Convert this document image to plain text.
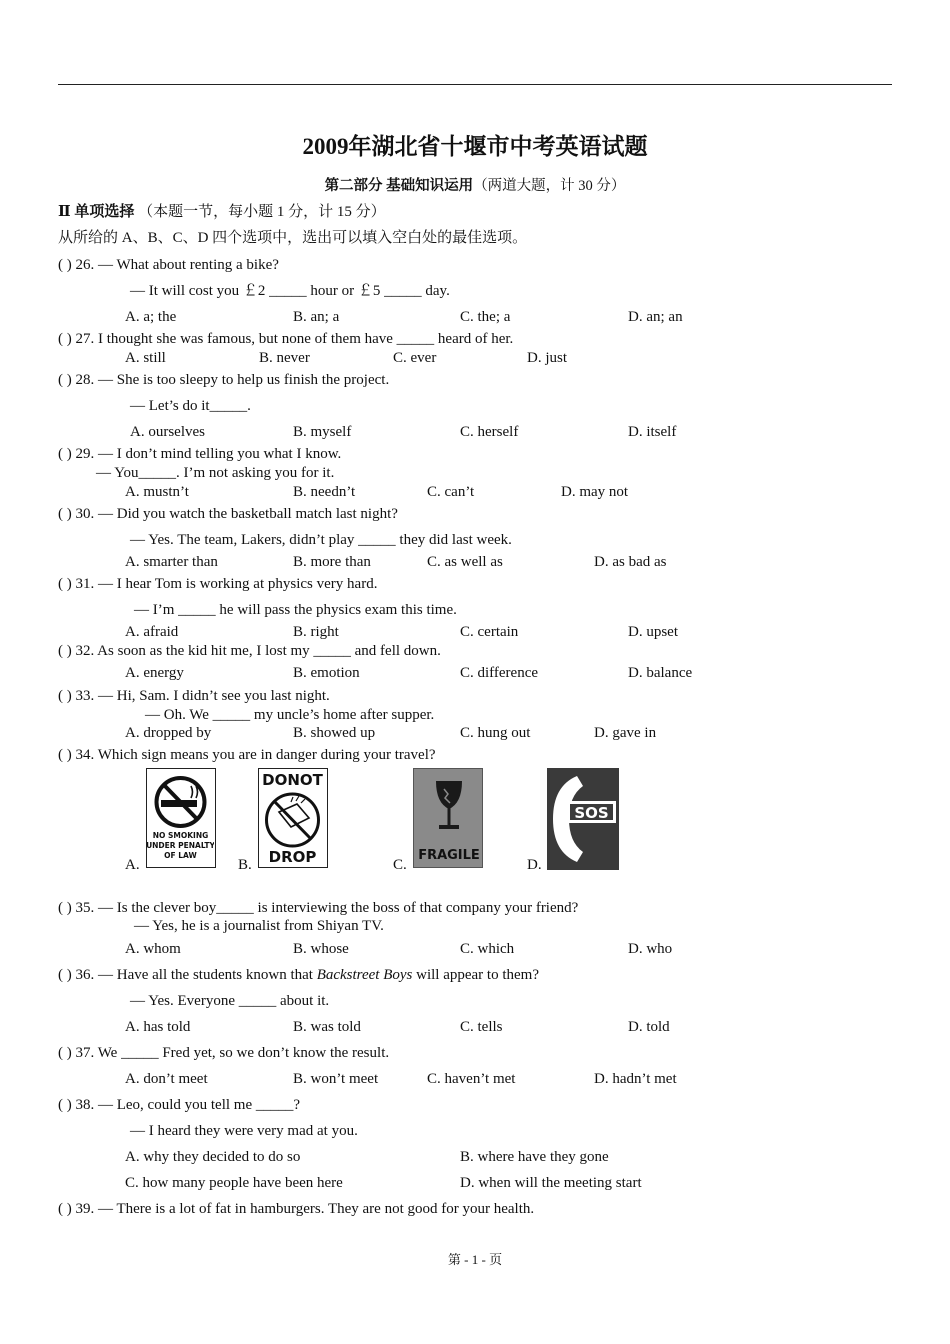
2009年湖北省十堰市中考英语试题
第二部分 基础知识运用（两道大题，计 30 分）
Ⅱ 单项选择 （本题一节，每小题 1 分，计 15 分）
从所给的 A、B、C、D 四个选项中，选出可以填入空白处的最佳选项。
( ) 26. — What about renting a bike?
— It will cost you ￡2 _____ hour or ￡5 _____ day.
A. a; the	B. an; a	C. the; a	D. an; an
( ) 27. I thought she was famous, but none of them have _____ heard of her.
A. still	B. never	C. ever	D. just
( ) 28. — She is too sleepy to help us finish the project.
— Let’s do it_____.
A. ourselves	B. myself	C. herself	D. itself
( ) 29. — I don’t mind telling you what I know.
— You_____. I’m not asking you for it.
A. mustn’t	B. needn’t	C. can’t	D. may not
( ) 30. — Did you watch the basketball match last night?
— Yes. The team, Lakers, didn’t play _____ they did last week.
A. smarter than	B. more than	C. as well as	D. as bad as
( ) 31. — I hear Tom is working at physics very hard.
— I’m _____ he will pass the physics exam this time.
A. afraid	B. right	C. certain	D. upset
( ) 32. As soon as the kid hit me, I lost my _____ and fell down.
A. energy	B. emotion	C. difference	D. balance
( ) 33. — Hi, Sam. I didn’t see you last night.
— Oh. We _____ my uncle’s home after supper.
A. dropped by	B. showed up	C. hung out	D. gave in
( ) 34. Which sign means you are in danger during your travel?
A.
NO SMOKING
UNDER PENALTY
OF LAW
B.
DONOT
DROP	C.
FRAGILE
D.
SOS
( ) 35. — Is the clever boy_____ is interviewing the boss of that company your friend?
— Yes, he is a journalist from Shiyan TV.
A. whom	B. whose	C. which	D. who
( ) 36. — Have all the students known that Backstreet Boys will appear to them?
— Yes. Everyone _____ about it.
A. has told	B. was told	C. tells	D. told
( ) 37. We _____ Fred yet, so we don’t know the result.
A. don’t meet	B. won’t meet	C. haven’t met	D. hadn’t met
( ) 38. — Leo, could you tell me _____?
— I heard they were very mad at you.
A. why they decided to do so	B. where have they gone
C. how many people have been here	D. when will the meeting start
( ) 39. — There is a lot of fat in hamburgers. They are not good for your health.
第 - 1 - 页
